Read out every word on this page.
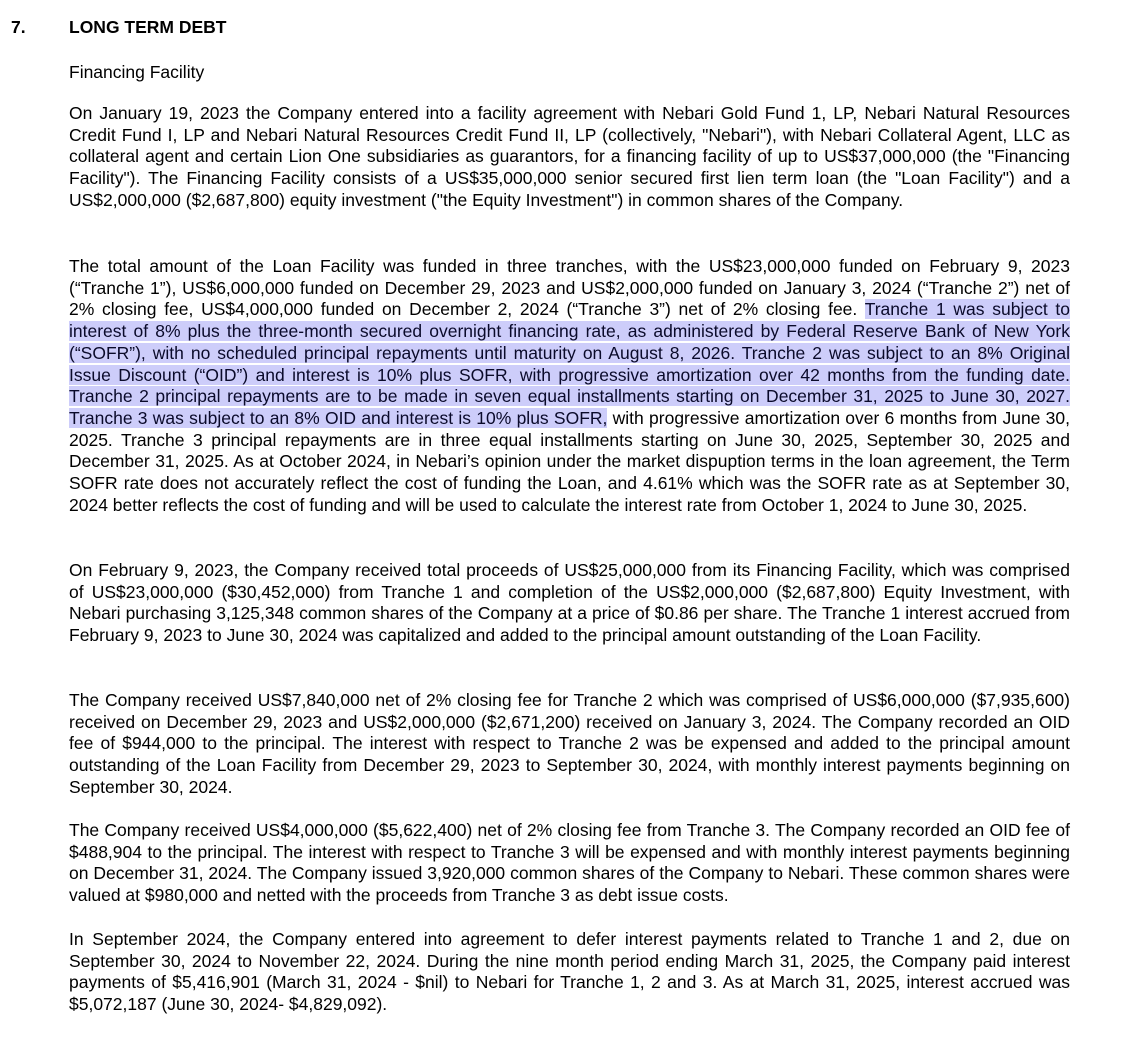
7. LONG TERM DEBT
Financing Facility

On January 19, 2023 the Company entered into a facility agreement with Nebari Gold Fund 1, LP, Nebari Natural Resources Credit Fund I, LP and Nebari Natural Resources Credit Fund II, LP (collectively, "Nebari"), with Nebari Collateral Agent, LLC as collateral agent and certain Lion One subsidiaries as guarantors, for a financing facility of up to US$37,000,000 (the "Financing Facility"). The Financing Facility consists of a US$35,000,000 senior secured first lien term loan (the "Loan Facility") and a US$2,000,000 ($2,687,800) equity investment ("the Equity Investment") in common shares of the Company.

The total amount of the Loan Facility was funded in three tranches, with the US$23,000,000 funded on February 9, 2023 (“Tranche 1”), US$6,000,000 funded on December 29, 2023 and US$2,000,000 funded on January 3, 2024 (“Tranche 2”) net of 2% closing fee, US$4,000,000 funded on December 2, 2024 (“Tranche 3”) net of 2% closing fee. Tranche 1 was subject to interest of 8% plus the three-month secured overnight financing rate, as administered by Federal Reserve Bank of New York (“SOFR”), with no scheduled principal repayments until maturity on August 8, 2026. Tranche 2 was subject to an 8% Original Issue Discount (“OID”) and interest is 10% plus SOFR, with progressive amortization over 42 months from the funding date. Tranche 2 principal repayments are to be made in seven equal installments starting on December 31, 2025 to June 30, 2027. Tranche 3 was subject to an 8% OID and interest is 10% plus SOFR, with progressive amortization over 6 months from June 30, 2025. Tranche 3 principal repayments are in three equal installments starting on June 30, 2025, September 30, 2025 and December 31, 2025. As at October 2024, in Nebari’s opinion under the market dispuption terms in the loan agreement, the Term SOFR rate does not accurately reflect the cost of funding the Loan, and 4.61% which was the SOFR rate as at September 30, 2024 better reflects the cost of funding and will be used to calculate the interest rate from October 1, 2024 to June 30, 2025.

On February 9, 2023, the Company received total proceeds of US$25,000,000 from its Financing Facility, which was comprised of US$23,000,000 ($30,452,000) from Tranche 1 and completion of the US$2,000,000 ($2,687,800) Equity Investment, with Nebari purchasing 3,125,348 common shares of the Company at a price of $0.86 per share. The Tranche 1 interest accrued from February 9, 2023 to June 30, 2024 was capitalized and added to the principal amount outstanding of the Loan Facility.

The Company received US$7,840,000 net of 2% closing fee for Tranche 2 which was comprised of US$6,000,000 ($7,935,600) received on December 29, 2023 and US$2,000,000 ($2,671,200) received on January 3, 2024. The Company recorded an OID fee of $944,000 to the principal. The interest with respect to Tranche 2 was be expensed and added to the principal amount outstanding of the Loan Facility from December 29, 2023 to September 30, 2024, with monthly interest payments beginning on September 30, 2024.

The Company received US$4,000,000 ($5,622,400) net of 2% closing fee from Tranche 3. The Company recorded an OID fee of $488,904 to the principal. The interest with respect to Tranche 3 will be expensed and with monthly interest payments beginning on December 31, 2024. The Company issued 3,920,000 common shares of the Company to Nebari. These common shares were valued at $980,000 and netted with the proceeds from Tranche 3 as debt issue costs.

In September 2024, the Company entered into agreement to defer interest payments related to Tranche 1 and 2, due on September 30, 2024 to November 22, 2024. During the nine month period ending March 31, 2025, the Company paid interest payments of $5,416,901 (March 31, 2024 - $nil) to Nebari for Tranche 1, 2 and 3. As at March 31, 2025, interest accrued was $5,072,187 (June 30, 2024- $4,829,092).
